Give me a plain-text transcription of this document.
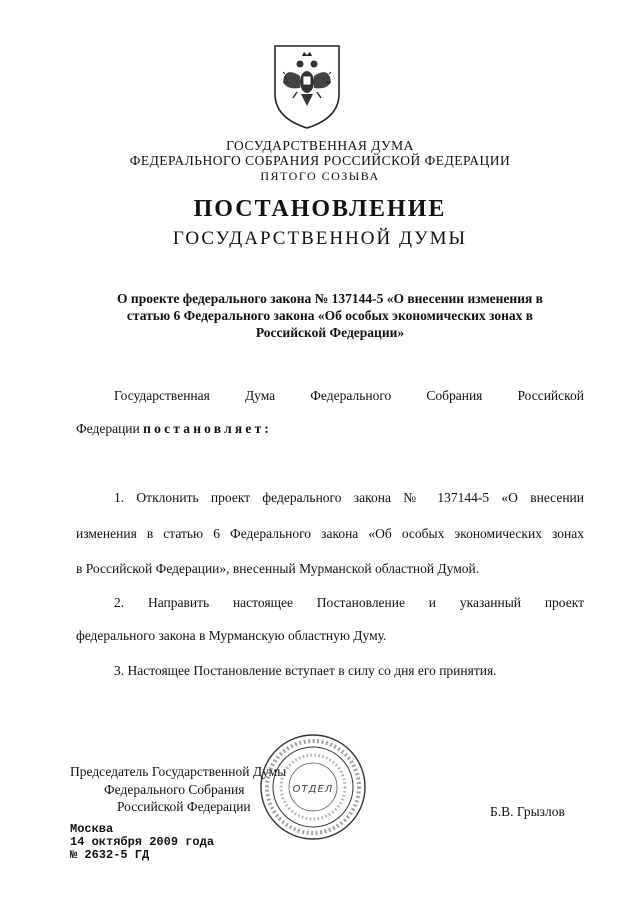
ГОСУДАРСТВЕННАЯ ДУМА
ФЕДЕРАЛЬНОГО СОБРАНИЯ РОССИЙСКОЙ ФЕДЕРАЦИИ
ПЯТОГО СОЗЫВА
ПОСТАНОВЛЕНИЕ
ГОСУДАРСТВЕННОЙ ДУМЫ
О проекте федерального закона № 137144-5 «О внесении изменения в
статью 6 Федерального закона «Об особых экономических зонах в
Российской Федерации»
Государственная Дума Федерального Собрания Российской
Федерации постановляет:
1. Отклонить проект федерального закона № 137144-5 «О внесении
изменения в статью 6 Федерального закона «Об особых экономических зонах
в Российской Федерации», внесенный Мурманской областной Думой.
2. Направить настоящее Постановление и указанный проект
федерального закона в Мурманскую областную Думу.
3. Настоящее Постановление вступает в силу со дня его принятия.
Председатель Государственной Думы
Федерального Собрания
Российской Федерации	Б.В. Грызлов
ОТДЕЛ
Москва
14 октября 2009 года
№ 2632-5 ГД
